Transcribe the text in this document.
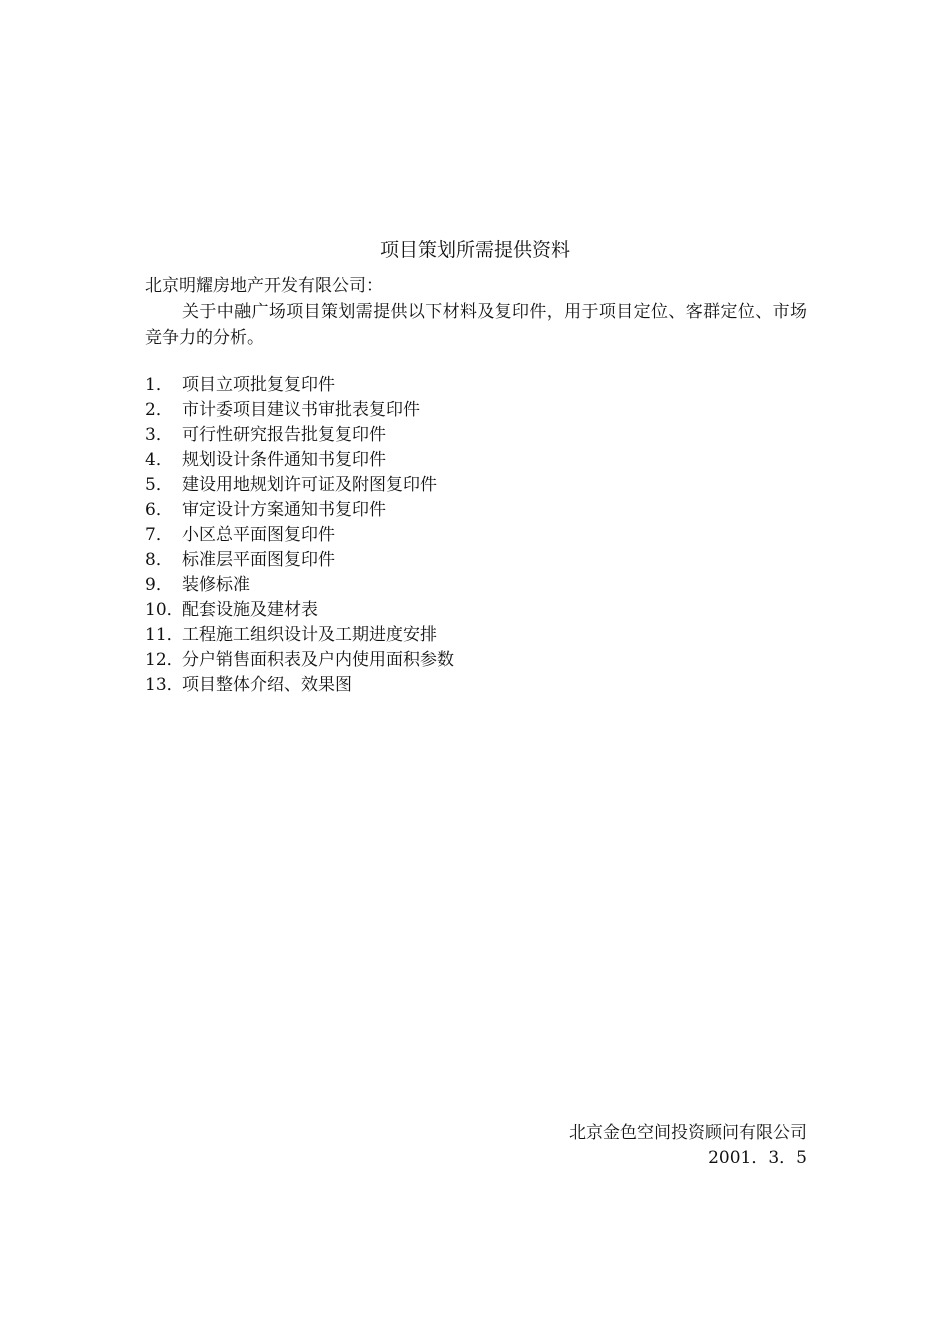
项目策划所需提供资料
北京明耀房地产开发有限公司：
关于中融广场项目策划需提供以下材料及复印件，用于项目定位、客群定位、市场竞争力的分析。
1． 项目立项批复复印件
2． 市计委项目建议书审批表复印件
3． 可行性研究报告批复复印件
4． 规划设计条件通知书复印件
5． 建设用地规划许可证及附图复印件
6． 审定设计方案通知书复印件
7． 小区总平面图复印件
8． 标准层平面图复印件
9． 装修标准
10．配套设施及建材表
11．工程施工组织设计及工期进度安排
12．分户销售面积表及户内使用面积参数
13．项目整体介绍、效果图
北京金色空间投资顾问有限公司
2001．3．5
